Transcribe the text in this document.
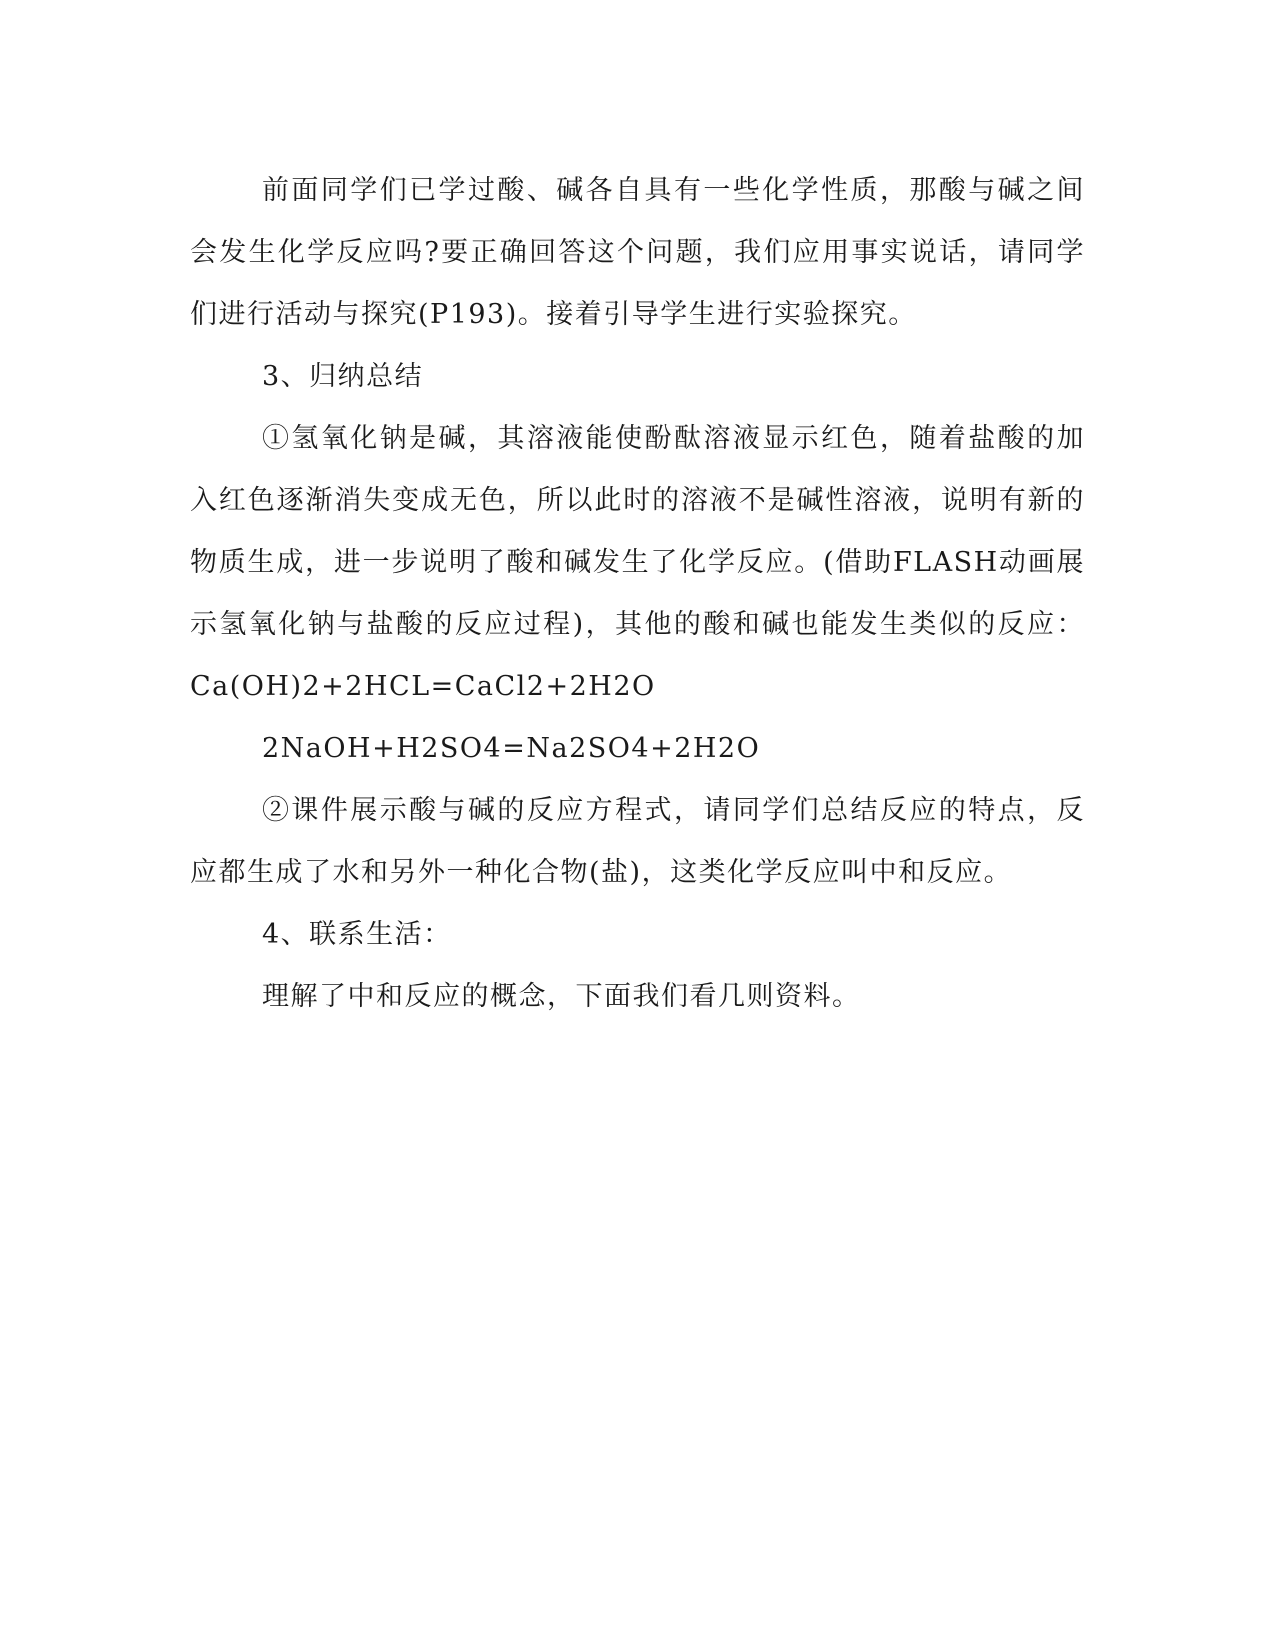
前面同学们已学过酸、碱各自具有一些化学性质，那酸与碱之间会发生化学反应吗?要正确回答这个问题，我们应用事实说话，请同学们进行活动与探究(P193)。接着引导学生进行实验探究。

3、归纳总结

①氢氧化钠是碱，其溶液能使酚酞溶液显示红色，随着盐酸的加入红色逐渐消失变成无色，所以此时的溶液不是碱性溶液，说明有新的物质生成，进一步说明了酸和碱发生了化学反应。(借助FLASH动画展示氢氧化钠与盐酸的反应过程)，其他的酸和碱也能发生类似的反应：Ca(OH)2+2HCL=CaCl2+2H2O

2NaOH+H2SO4=Na2SO4+2H2O

②课件展示酸与碱的反应方程式，请同学们总结反应的特点，反应都生成了水和另外一种化合物(盐)，这类化学反应叫中和反应。

4、联系生活：

理解了中和反应的概念，下面我们看几则资料。
